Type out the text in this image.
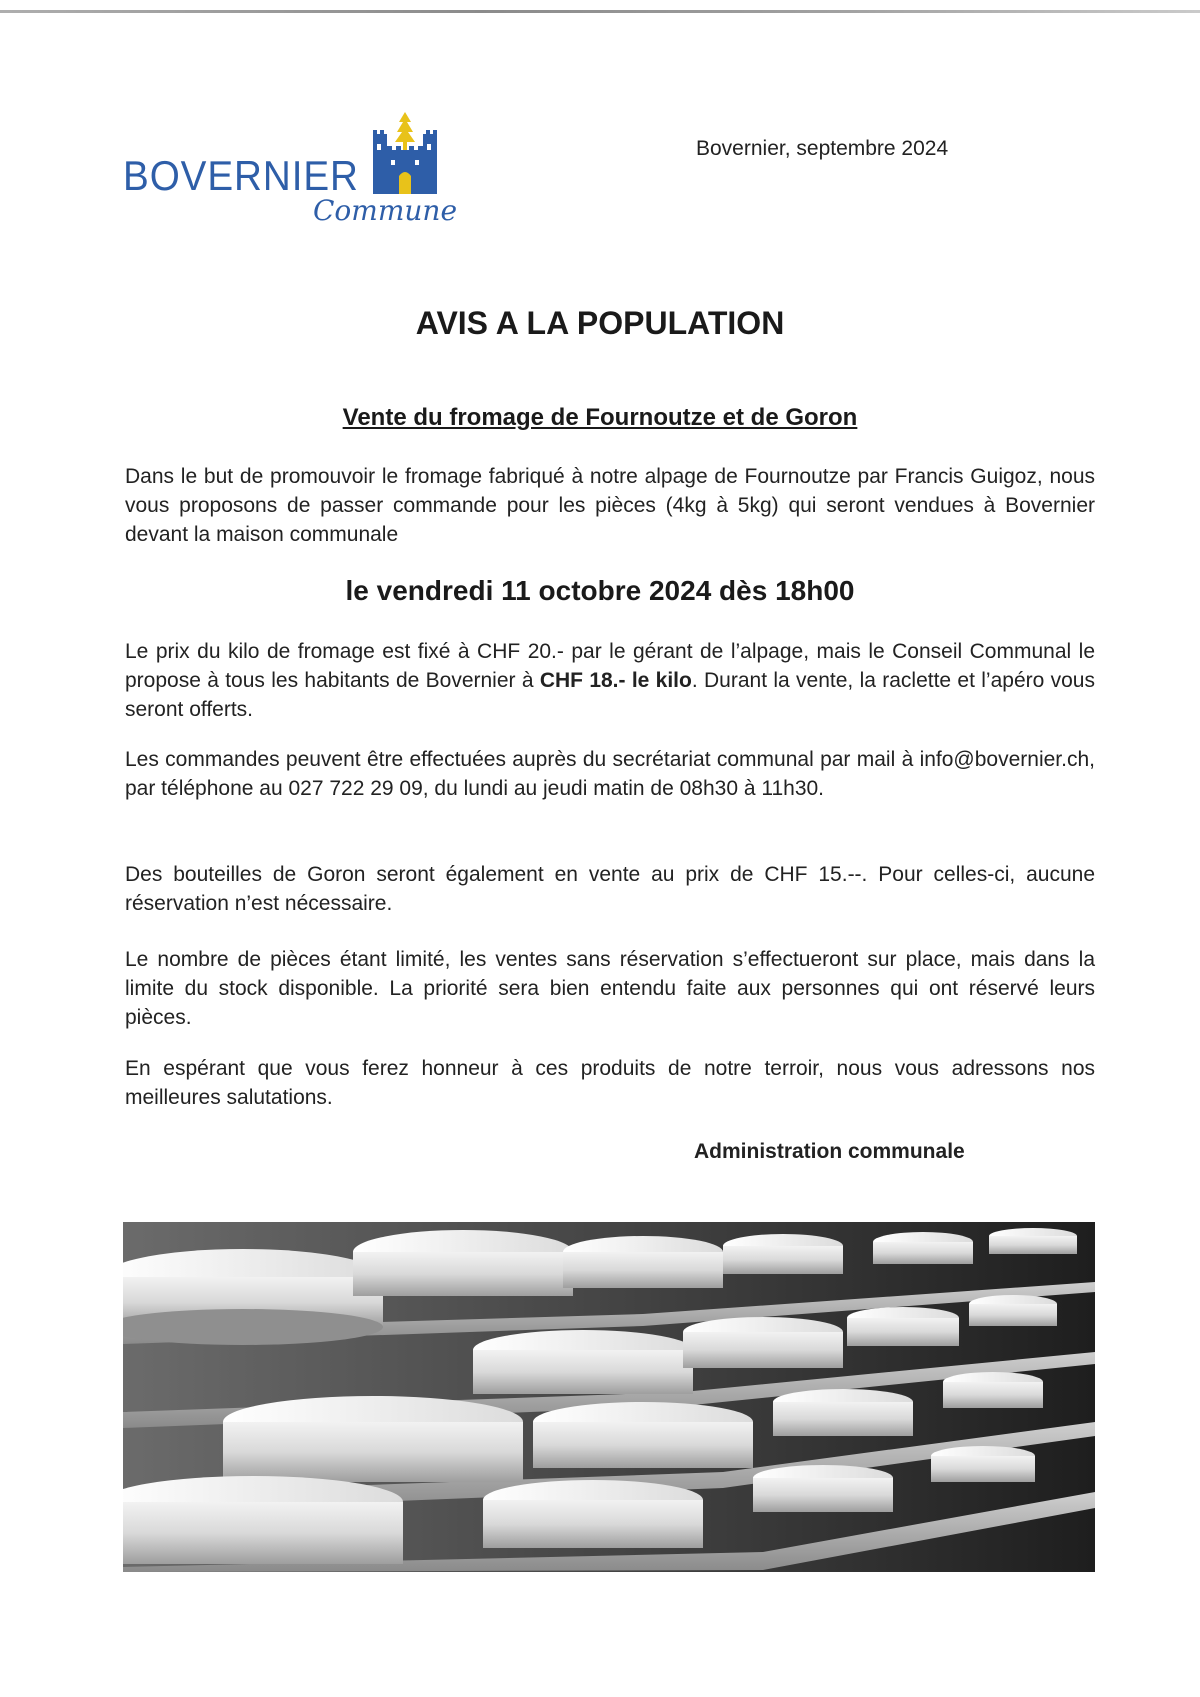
BOVERNIER
Commune
Bovernier, septembre 2024
AVIS A LA POPULATION
Vente du fromage de Fournoutze et de Goron
Dans le but de promouvoir le fromage fabriqué à notre alpage de Fournoutze par Francis Guigoz, nous vous proposons de passer commande pour les pièces (4kg à 5kg) qui seront vendues à Bovernier devant la maison communale
le vendredi 11 octobre 2024 dès 18h00
Le prix du kilo de fromage est fixé à CHF 20.- par le gérant de l’alpage, mais le Conseil Communal le propose à tous les habitants de Bovernier à CHF 18.- le kilo. Durant la vente, la raclette et l’apéro vous seront offerts.
Les commandes peuvent être effectuées auprès du secrétariat communal par mail à info@bovernier.ch, par téléphone au 027 722 29 09, du lundi au jeudi matin de 08h30 à 11h30.
Des bouteilles de Goron seront également en vente au prix de CHF 15.--. Pour celles-ci, aucune réservation n’est nécessaire.
Le nombre de pièces étant limité, les ventes sans réservation s’effectueront sur place, mais dans la limite du stock disponible. La priorité sera bien entendu faite aux personnes qui ont réservé leurs pièces.
En espérant que vous ferez honneur à ces produits de notre terroir, nous vous adressons nos meilleures salutations.
Administration communale
